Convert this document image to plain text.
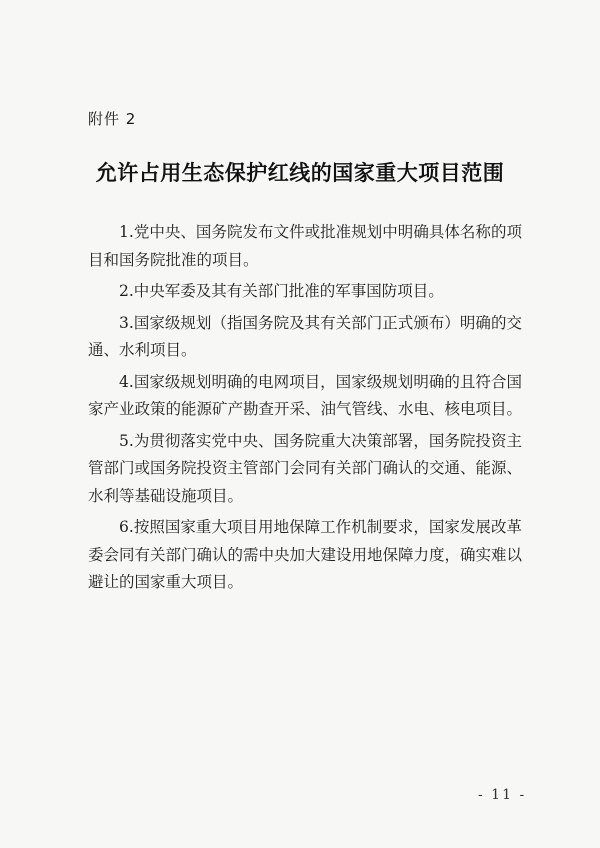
附件 2
允许占用生态保护红线的国家重大项目范围

1.党中央、国务院发布文件或批准规划中明确具体名称的项目和国务院批准的项目。

2.中央军委及其有关部门批准的军事国防项目。

3.国家级规划（指国务院及其有关部门正式颁布）明确的交通、水利项目。

4.国家级规划明确的电网项目，国家级规划明确的且符合国家产业政策的能源矿产勘查开采、油气管线、水电、核电项目。

5.为贯彻落实党中央、国务院重大决策部署，国务院投资主管部门或国务院投资主管部门会同有关部门确认的交通、能源、水利等基础设施项目。

6.按照国家重大项目用地保障工作机制要求，国家发展改革委会同有关部门确认的需中央加大建设用地保障力度，确实难以避让的国家重大项目。

- 11 -
